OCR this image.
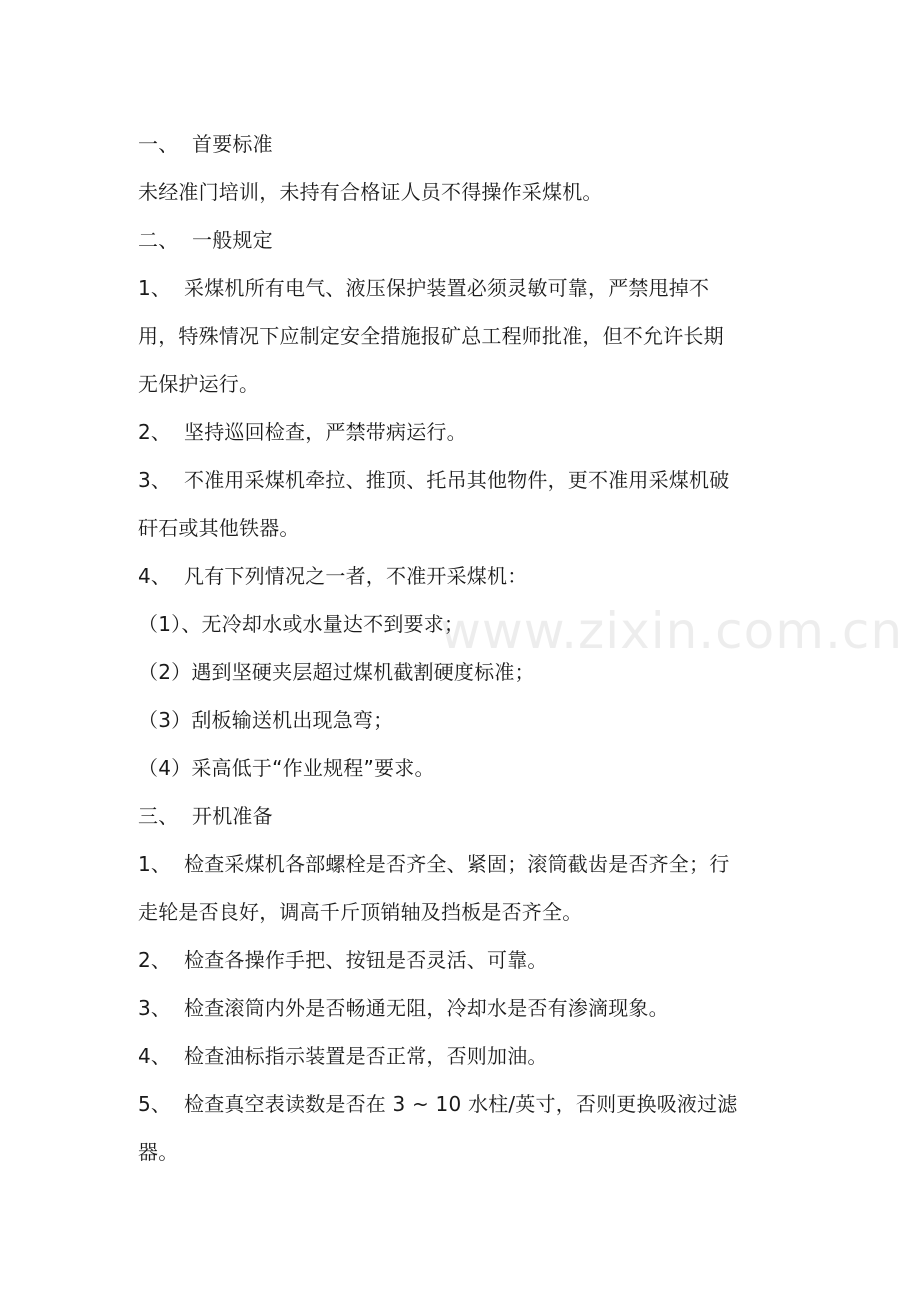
一、 首要标准
未经准门培训，未持有合格证人员不得操作采煤机。
二、 一般规定
1、 采煤机所有电气、液压保护装置必须灵敏可靠，严禁甩掉不
用，特殊情况下应制定安全措施报矿总工程师批准，但不允许长期
无保护运行。
2、 坚持巡回检查，严禁带病运行。
3、 不准用采煤机牵拉、推顶、托吊其他物件，更不准用采煤机破
矸石或其他铁器。
4、 凡有下列情况之一者，不准开采煤机：
（1）、无冷却水或水量达不到要求；
（2）遇到坚硬夹层超过煤机截割硬度标准；
（3）刮板输送机出现急弯；
（4）采高低于“作业规程”要求。
三、 开机准备
1、 检查采煤机各部螺栓是否齐全、紧固；滚筒截齿是否齐全；行
走轮是否良好，调高千斤顶销轴及挡板是否齐全。
2、 检查各操作手把、按钮是否灵活、可靠。
3、 检查滚筒内外是否畅通无阻，冷却水是否有渗滴现象。
4、 检查油标指示装置是否正常，否则加油。
5、 检查真空表读数是否在 3 ~ 10 水柱/英寸，否则更换吸液过滤
器。
www.zixin.com.cn
